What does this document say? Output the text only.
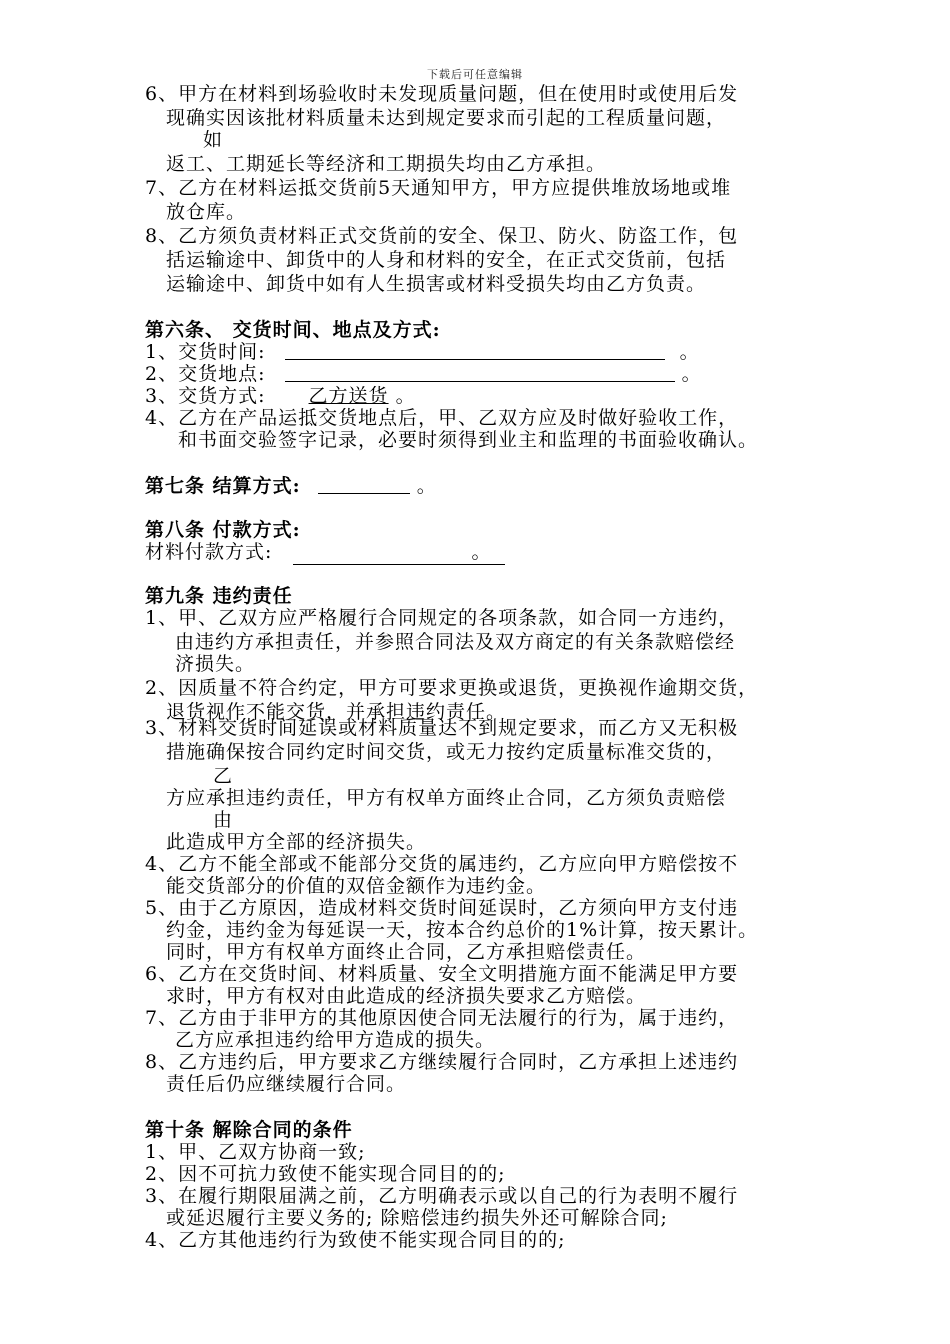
下载后可任意编辑
6、甲方在材料到场验收时未发现质量问题，但在使用时或使用后发
现确实因该批材料质量未达到规定要求而引起的工程质量问题，
如
返工、工期延长等经济和工期损失均由乙方承担。
7、乙方在材料运抵交货前5天通知甲方，甲方应提供堆放场地或堆
放仓库。
8、乙方须负责材料正式交货前的安全、保卫、防火、防盗工作，包
括运输途中、卸货中的人身和材料的安全，在正式交货前，包括
运输途中、卸货中如有人生损害或材料受损失均由乙方负责。
第六条、 交货时间、地点及方式:
1、交货时间:	。
2、交货地点:	。
3、交货方式: 乙方送货 。
4、乙方在产品运抵交货地点后，甲、乙双方应及时做好验收工作，
和书面交验签字记录，必要时须得到业主和监理的书面验收确认。
第七条 结算方式:	。
第八条 付款方式:
材料付款方式:	。
第九条 违约责任
1、甲、乙双方应严格履行合同规定的各项条款，如合同一方违约，
由违约方承担责任，并参照合同法及双方商定的有关条款赔偿经
济损失。
2、因质量不符合约定，甲方可要求更换或退货，更换视作逾期交货，
退货视作不能交货，并承担违约责任。
3、材料交货时间延误或材料质量达不到规定要求，而乙方又无积极
措施确保按合同约定时间交货，或无力按约定质量标准交货的，
乙
方应承担违约责任，甲方有权单方面终止合同，乙方须负责赔偿
由
此造成甲方全部的经济损失。
4、乙方不能全部或不能部分交货的属违约，乙方应向甲方赔偿按不
能交货部分的价值的双倍金额作为违约金。
5、由于乙方原因，造成材料交货时间延误时，乙方须向甲方支付违
约金，违约金为每延误一天，按本合约总价的1%计算，按天累计。
同时，甲方有权单方面终止合同，乙方承担赔偿责任。
6、乙方在交货时间、材料质量、安全文明措施方面不能满足甲方要
求时，甲方有权对由此造成的经济损失要求乙方赔偿。
7、乙方由于非甲方的其他原因使合同无法履行的行为，属于违约，
乙方应承担违约给甲方造成的损失。
8、乙方违约后，甲方要求乙方继续履行合同时，乙方承担上述违约
责任后仍应继续履行合同。
第十条 解除合同的条件
1、甲、乙双方协商一致;
2、因不可抗力致使不能实现合同目的的;
3、在履行期限届满之前，乙方明确表示或以自己的行为表明不履行
或延迟履行主要义务的; 除赔偿违约损失外还可解除合同;
4、乙方其他违约行为致使不能实现合同目的的;
